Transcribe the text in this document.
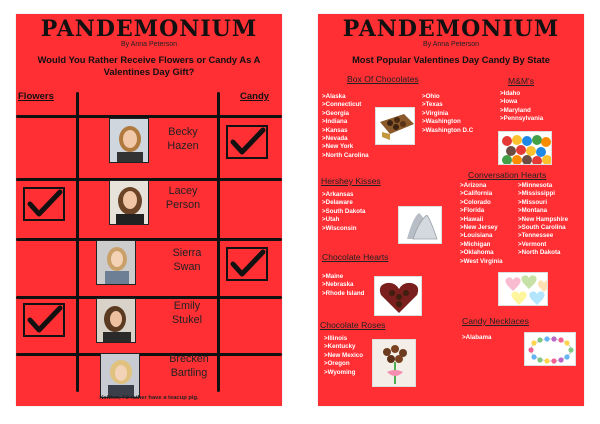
PANDEMONIUM
By Anna Peterson
Would You Rather Receive Flowers or Candy As A Valentines Day Gift?
Flowers	Candy
Becky
Hazen
Lacey
Person
Sierra
Swan
Emily
Stukel
Brecken
Bartling
Neither, I'd rather have a teacup pig.
PANDEMONIUM
By Anna Peterson
Most Popular Valentines Day Candy By State
Box Of Chocolates
>Alaska
>Connecticut
>Georgia
>Indiana
>Kansas
>Nevada
>New York
>North Carolina
>Ohio
>Texas
>Virginia
>Washington
>Washington D.C
M&M's
>Idaho
>Iowa
>Maryland
>Pennsylvania
Hershey Kisses
>Arkansas
>Delaware
>South Dakota
>Utah
>Wisconsin
Conversation Hearts
>Arizona
>California
>Colorado
>Florida
>Hawaii
>New Jersey
>Louisiana
>Michigan
>Oklahoma
>West Virginia
>Minnesota
>Mississippi
>Missouri
>Montana
>New Hampshire
>South Carolina
>Tennessee
>Vermont
>North Dakota
Chocolate Hearts
>Maine
>Nebraska
>Rhode Island
Chocolate Roses
>Illinois
>Kentucky
>New Mexico
>Oregon
>Wyoming
Candy Necklaces
>Alabama
